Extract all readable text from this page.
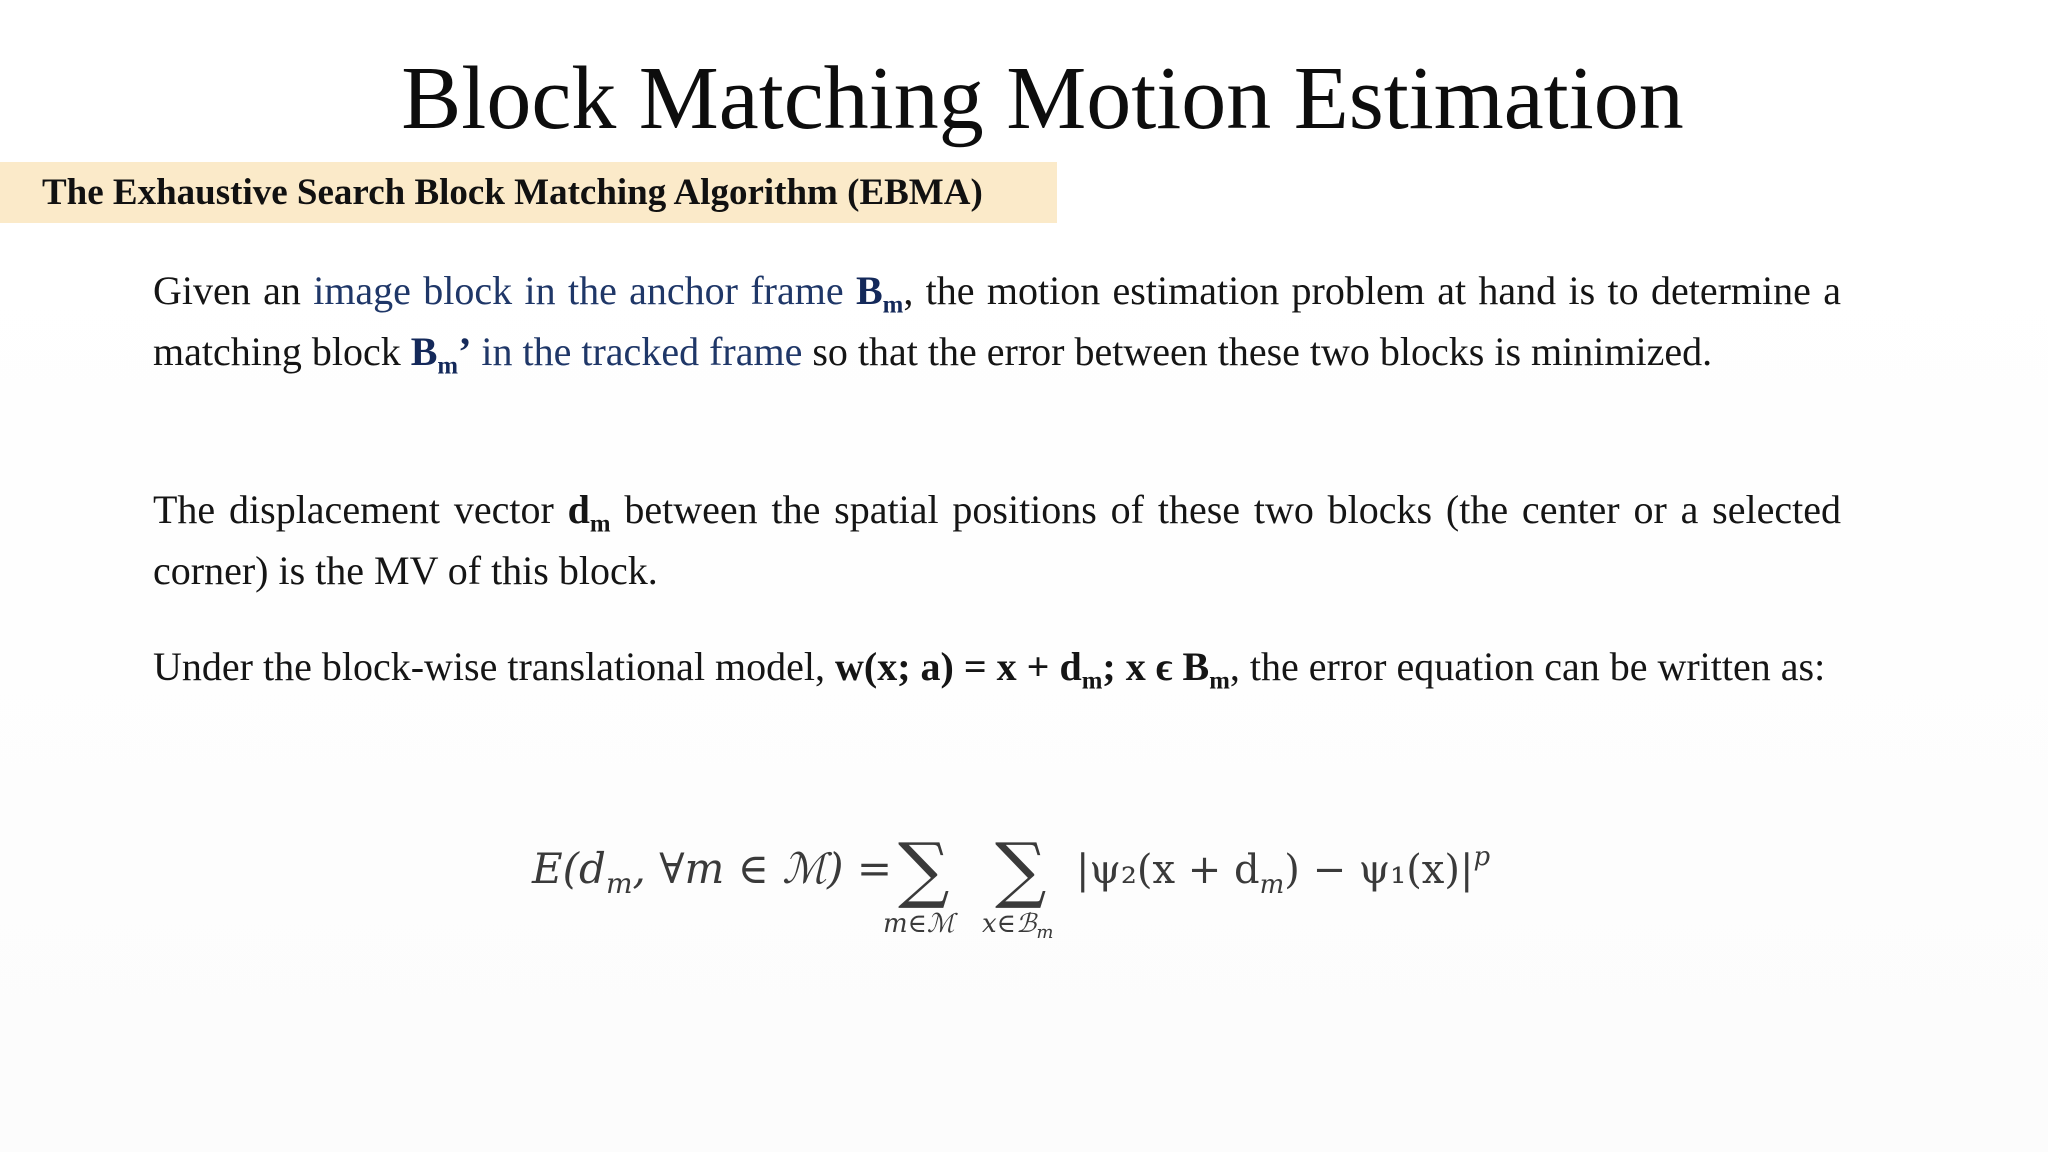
Block Matching Motion Estimation
The Exhaustive Search Block Matching Algorithm (EBMA)
Given an image block in the anchor frame $B_m$, the motion estimation problem at hand is to determine a matching block $B_m$’ in the tracked frame so that the error between these two blocks is minimized.
The displacement vector $d_m$ between the spatial positions of these two blocks (the center or a selected corner) is the MV of this block.
Under the block-wise translational model, w(x; $a) = x + d_m$; x ϵ $B_m$, the error equation can be written as:
$E(d_m$, ∀m ∈ ℳ) = ∑
m∈ℳ
∑
x∈ℬ$_m$
$|\psi_2(x + d_m) - \psi_1(x)|^p$
